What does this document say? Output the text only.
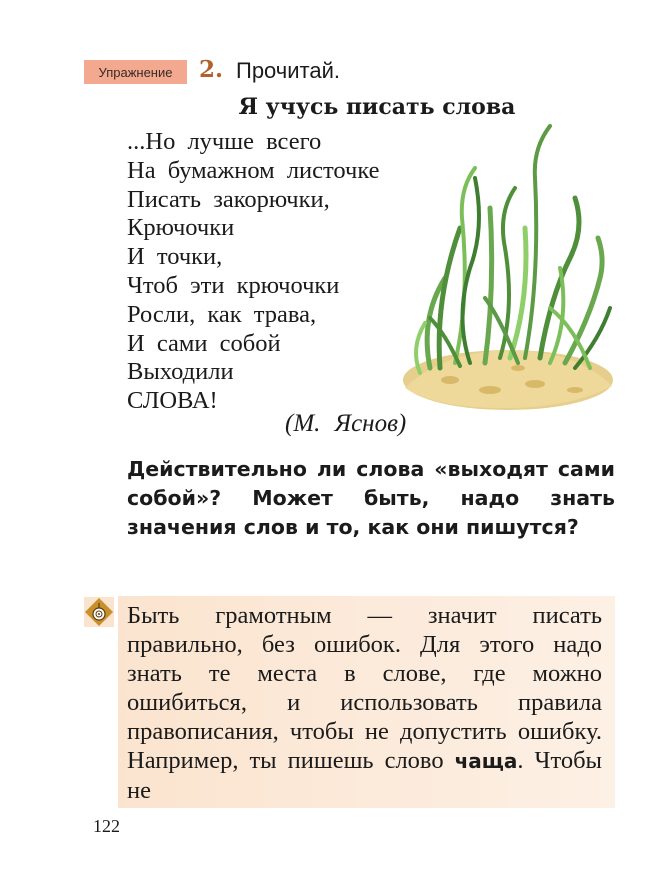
Упражнение	2. Прочитай.
Я учусь писать слова
...Но лучше всего
На бумажном листочке
Писать закорючки,
Крючочки
И точки,
Чтоб эти крючочки
Росли, как трава,
И сами собой
Выходили
СЛОВА!
(М. Яснов)
Действительно ли слова «выходят сами собой»? Может быть, надо знать значения слов и то, как они пишутся?
Быть грамотным — значит писать правильно, без ошибок. Для этого надо знать те места в слове, где можно ошибиться, и использовать правила правописания, чтобы не допустить ошибку. Например, ты пишешь слово чаща. Чтобы не
122
